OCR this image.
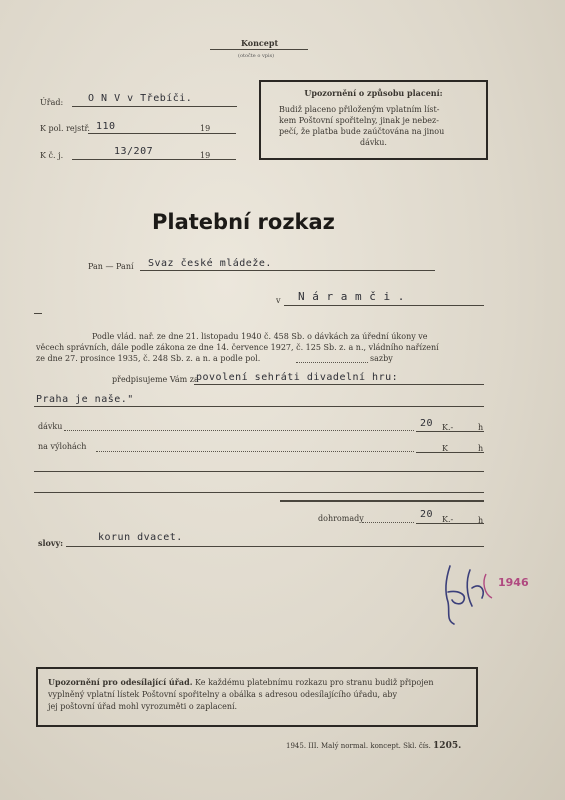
Koncept
(otočte o vpis)
Úřad: O N V v Třebíči.
K pol. rejstř. 110	19
K č. j.	13/207	19
Upozornění o způsobu placení:
Budiž placeno přiloženým vplatním líst-
kem Poštovní spořitelny, jinak je nebez-
pečí, že platba bude zaúčtována na jinou
dávku.
Platební rozkaz
Pan — Paní Svaz české mládeže.
v N á r a m č i .
Podle vlád. nař. ze dne 21. listopadu 1940 č. 458 Sb. o dávkách za úřední úkony ve
věcech správních, dále podle zákona ze dne 14. července 1927, č. 125 Sb. z. a n., vládního nařízení
ze dne 27. prosince 1935, č. 248 Sb. z. a n. a podle pol.	sazby
předpisujeme Vám za
povolení sehráti divadelní hru:
Praha je naše."
dávku	20 K.-	h
na výlohách	K	h
dohromady	20 K.-	h
slovy:	korun dvacet.
1946
Upozornění pro odesílající úřad. Ke každému platebnímu rozkazu pro stranu budiž připojen
vyplněný vplatní lístek Poštovní spořitelny a obálka s adresou odesílajícího úřadu, aby
jej poštovní úřad mohl vyrozuměti o zaplacení.
1945. III. Malý normal. koncept. Skl. čís. 1205.
